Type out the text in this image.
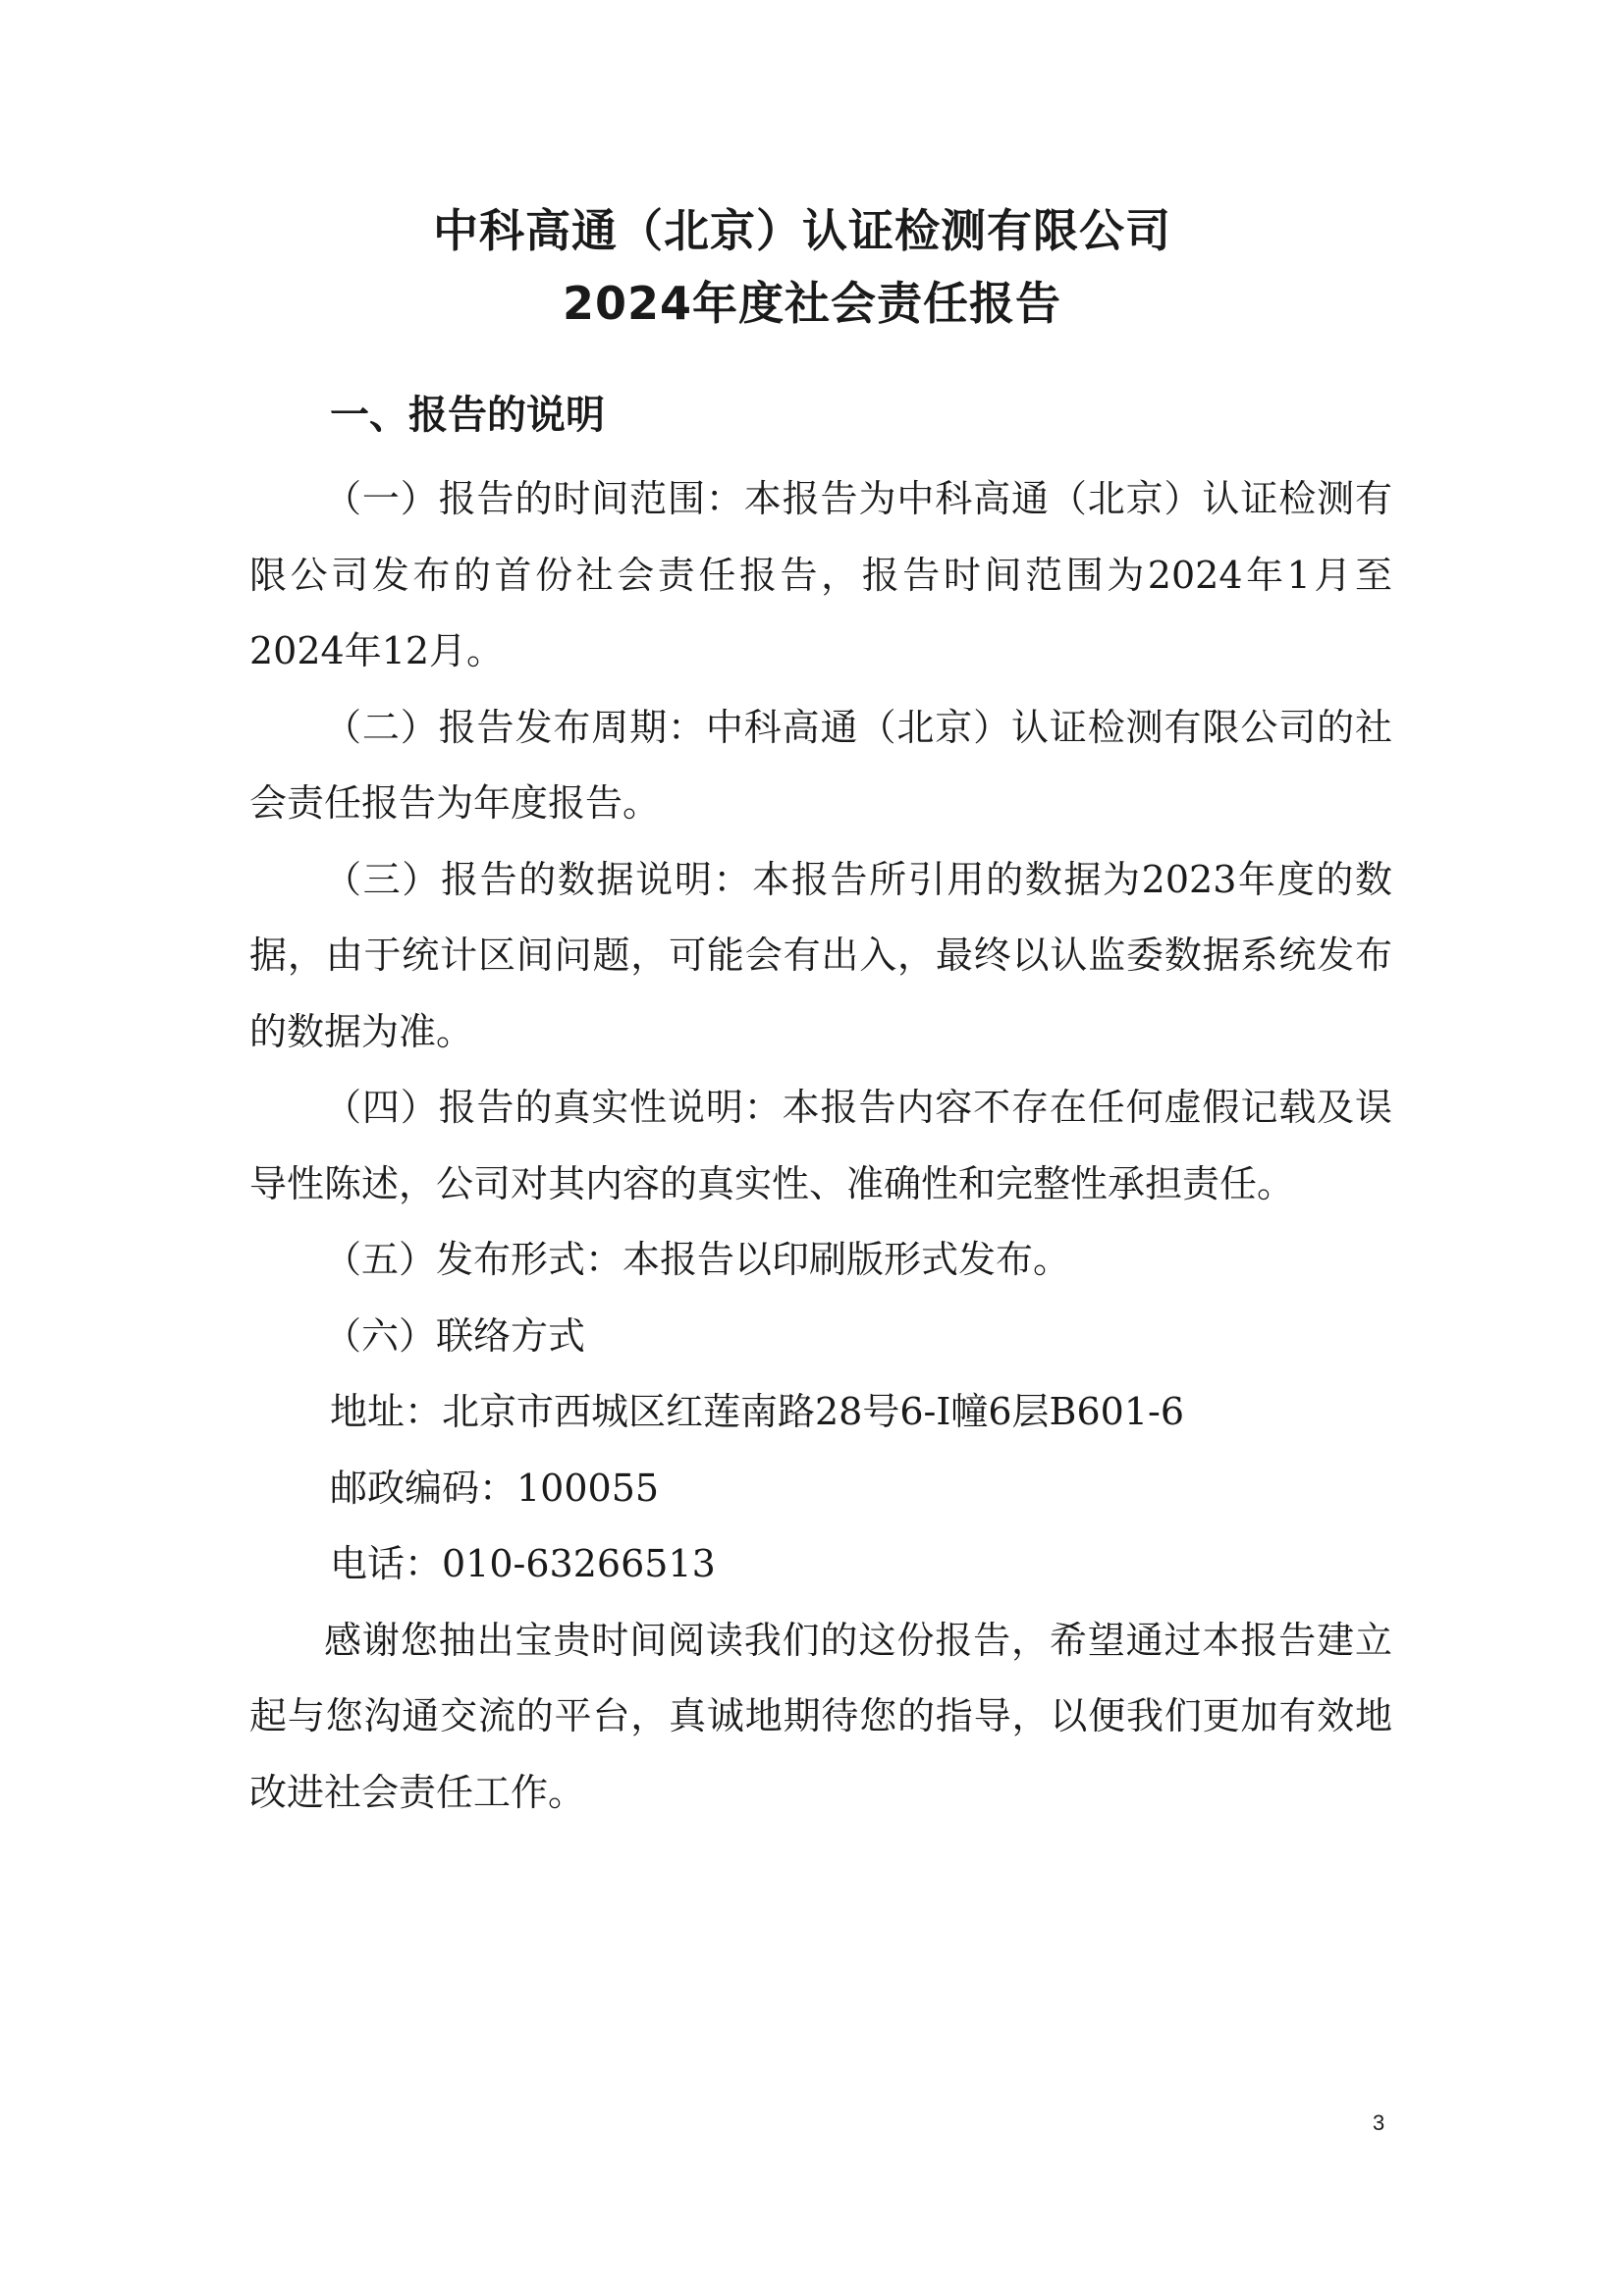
中科高通（北京）认证检测有限公司
2024年度社会责任报告
一、报告的说明

（一）报告的时间范围：本报告为中科高通（北京）认证检测有限公司发布的首份社会责任报告，报告时间范围为2024年1月至2024年12月。

（二）报告发布周期：中科高通（北京）认证检测有限公司的社会责任报告为年度报告。

（三）报告的数据说明：本报告所引用的数据为2023年度的数据，由于统计区间问题，可能会有出入，最终以认监委数据系统发布的数据为准。

（四）报告的真实性说明：本报告内容不存在任何虚假记载及误导性陈述，公司对其内容的真实性、准确性和完整性承担责任。

（五）发布形式：本报告以印刷版形式发布。

（六）联络方式

地址：北京市西城区红莲南路28号6-I幢6层B601-6

邮政编码：100055

电话：010-63266513

感谢您抽出宝贵时间阅读我们的这份报告，希望通过本报告建立起与您沟通交流的平台，真诚地期待您的指导，以便我们更加有效地改进社会责任工作。

3
